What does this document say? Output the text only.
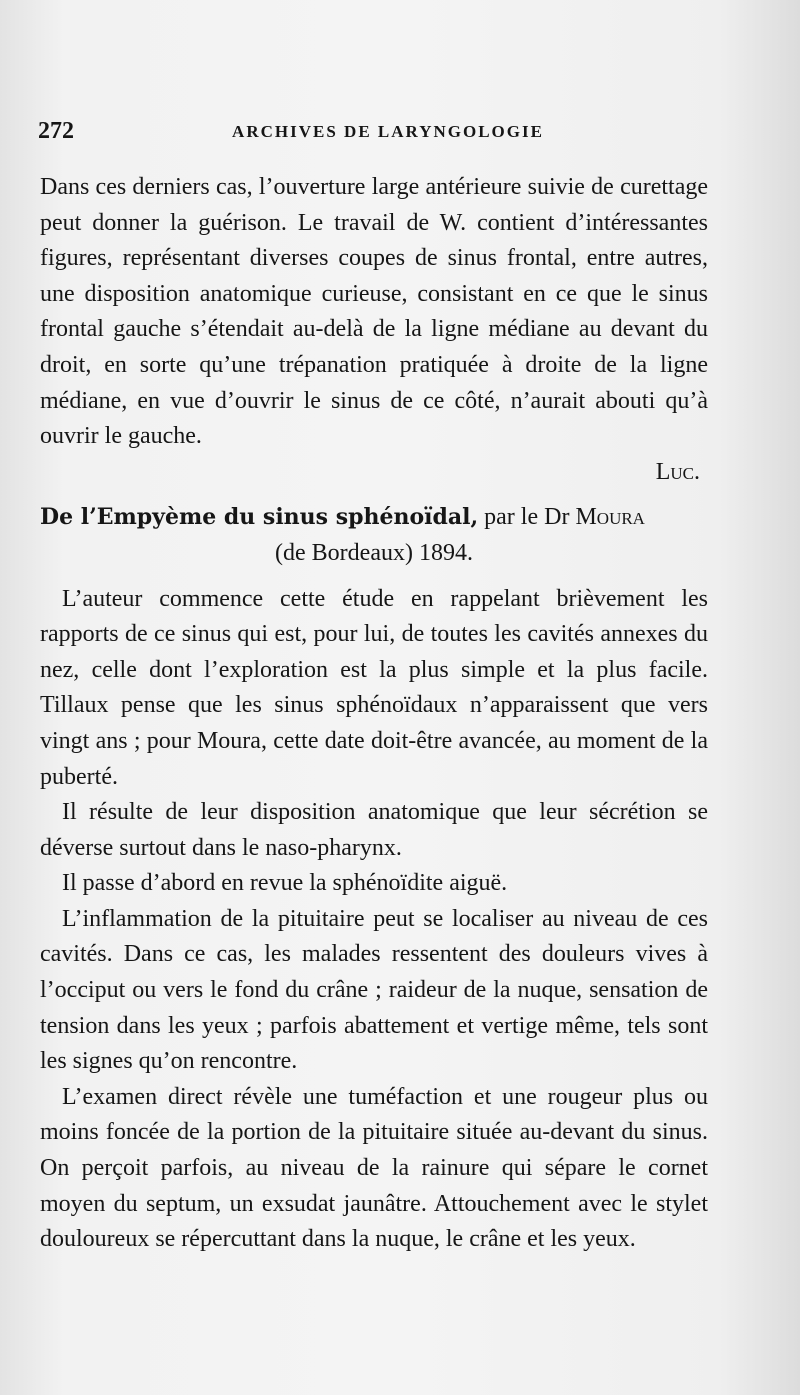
272	ARCHIVES DE LARYNGOLOGIE

Dans ces derniers cas, l’ouverture large antérieure suivie de curettage peut donner la guérison. Le travail de W. contient d’intéressantes figures, représentant diverses coupes de sinus frontal, entre autres, une disposition anatomique curieuse, consistant en ce que le sinus frontal gauche s’étendait au-delà de la ligne médiane au devant du droit, en sorte qu’une trépanation pratiquée à droite de la ligne médiane, en vue d’ouvrir le sinus de ce côté, n’aurait abouti qu’à ouvrir le gauche.

Luc.

De l’Empyème du sinus sphénoïdal, par le Dr Moura

(de Bordeaux) 1894.

L’auteur commence cette étude en rappelant brièvement les rapports de ce sinus qui est, pour lui, de toutes les cavités annexes du nez, celle dont l’exploration est la plus simple et la plus facile. Tillaux pense que les sinus sphénoïdaux n’apparaissent que vers vingt ans ; pour Moura, cette date doit-être avancée, au moment de la puberté.

Il résulte de leur disposition anatomique que leur sécrétion se déverse surtout dans le naso-pharynx.

Il passe d’abord en revue la sphénoïdite aiguë.

L’inflammation de la pituitaire peut se localiser au niveau de ces cavités. Dans ce cas, les malades ressentent des douleurs vives à l’occiput ou vers le fond du crâne ; raideur de la nuque, sensation de tension dans les yeux ; parfois abattement et vertige même, tels sont les signes qu’on rencontre.

L’examen direct révèle une tuméfaction et une rougeur plus ou moins foncée de la portion de la pituitaire située au-devant du sinus. On perçoit parfois, au niveau de la rainure qui sépare le cornet moyen du septum, un exsudat jaunâtre. Attouchement avec le stylet douloureux se répercuttant dans la nuque, le crâne et les yeux.
